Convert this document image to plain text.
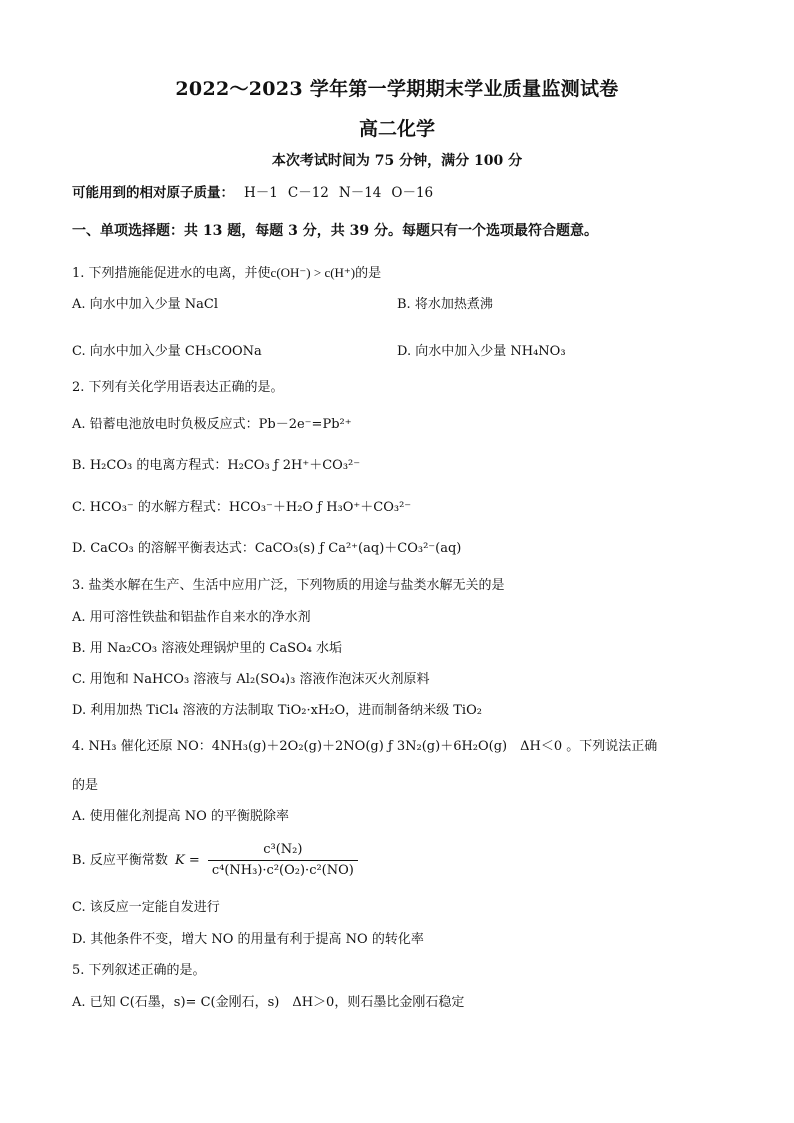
2022～2023 学年第一学期期末学业质量监测试卷
高二化学
本次考试时间为 75 分钟，满分 100 分
可能用到的相对原子质量： H－1 C－12 N－14 O－16
一、单项选择题：共 13 题，每题 3 分，共 39 分。每题只有一个选项最符合题意。
1. 下列措施能促进水的电离，并使c(OH⁻) > c(H⁺)的是
A. 向水中加入少量 NaCl	B. 将水加热煮沸
C. 向水中加入少量 CH₃COONa	D. 向水中加入少量 NH₄NO₃
2. 下列有关化学用语表达正确的是。
A. 铅蓄电池放电时负极反应式：Pb－2e⁻=Pb²⁺
B. H₂CO₃ 的电离方程式：H₂CO₃ ƒ 2H⁺＋CO₃²⁻
C. HCO₃⁻ 的水解方程式：HCO₃⁻＋H₂O ƒ H₃O⁺＋CO₃²⁻
D. CaCO₃ 的溶解平衡表达式：CaCO₃(s) ƒ Ca²⁺(aq)＋CO₃²⁻(aq)
3. 盐类水解在生产、生活中应用广泛，下列物质的用途与盐类水解无关的是
A. 用可溶性铁盐和铝盐作自来水的净水剂
B. 用 Na₂CO₃ 溶液处理锅炉里的 CaSO₄ 水垢
C. 用饱和 NaHCO₃ 溶液与 Al₂(SO₄)₃ 溶液作泡沫灭火剂原料
D. 利用加热 TiCl₄ 溶液的方法制取 TiO₂·xH₂O，进而制备纳米级 TiO₂
4. NH₃ 催化还原 NO：4NH₃(g)＋2O₂(g)＋2NO(g) ƒ 3N₂(g)＋6H₂O(g)　ΔH＜0 。下列说法正确
的是
A. 使用催化剂提高 NO 的平衡脱除率
B. 反应平衡常数 $K = \frac{\text{c³(N₂)}}{\text{c⁴(NH₃)·c²(O₂)·c²(NO)}}$
C. 该反应一定能自发进行
D. 其他条件不变，增大 NO 的用量有利于提高 NO 的转化率
5. 下列叙述正确的是。
A. 已知 C(石墨，s)= C(金刚石，s)　ΔH＞0，则石墨比金刚石稳定
